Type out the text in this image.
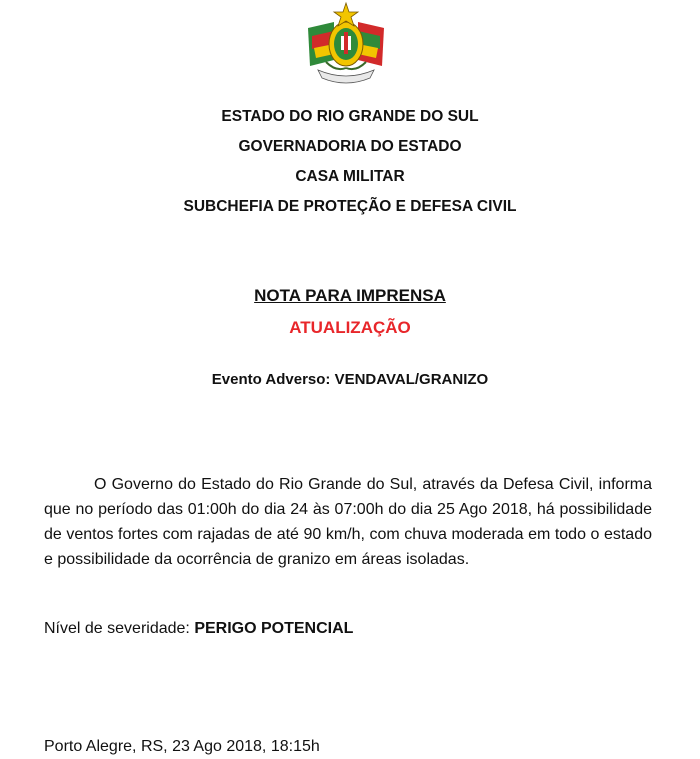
ESTADO DO RIO GRANDE DO SUL
GOVERNADORIA DO ESTADO
CASA MILITAR
SUBCHEFIA DE PROTEÇÃO E DEFESA CIVIL
NOTA PARA IMPRENSA
ATUALIZAÇÃO
Evento Adverso: VENDAVAL/GRANIZO

O Governo do Estado do Rio Grande do Sul, através da Defesa Civil, informa que no período das 01:00h do dia 24 às 07:00h do dia 25 Ago 2018, há possibilidade de ventos fortes com rajadas de até 90 km/h, com chuva moderada em todo o estado e possibilidade da ocorrência de granizo em áreas isoladas.

Nível de severidade: PERIGO POTENCIAL
Porto Alegre, RS, 23 Ago 2018, 18:15h
